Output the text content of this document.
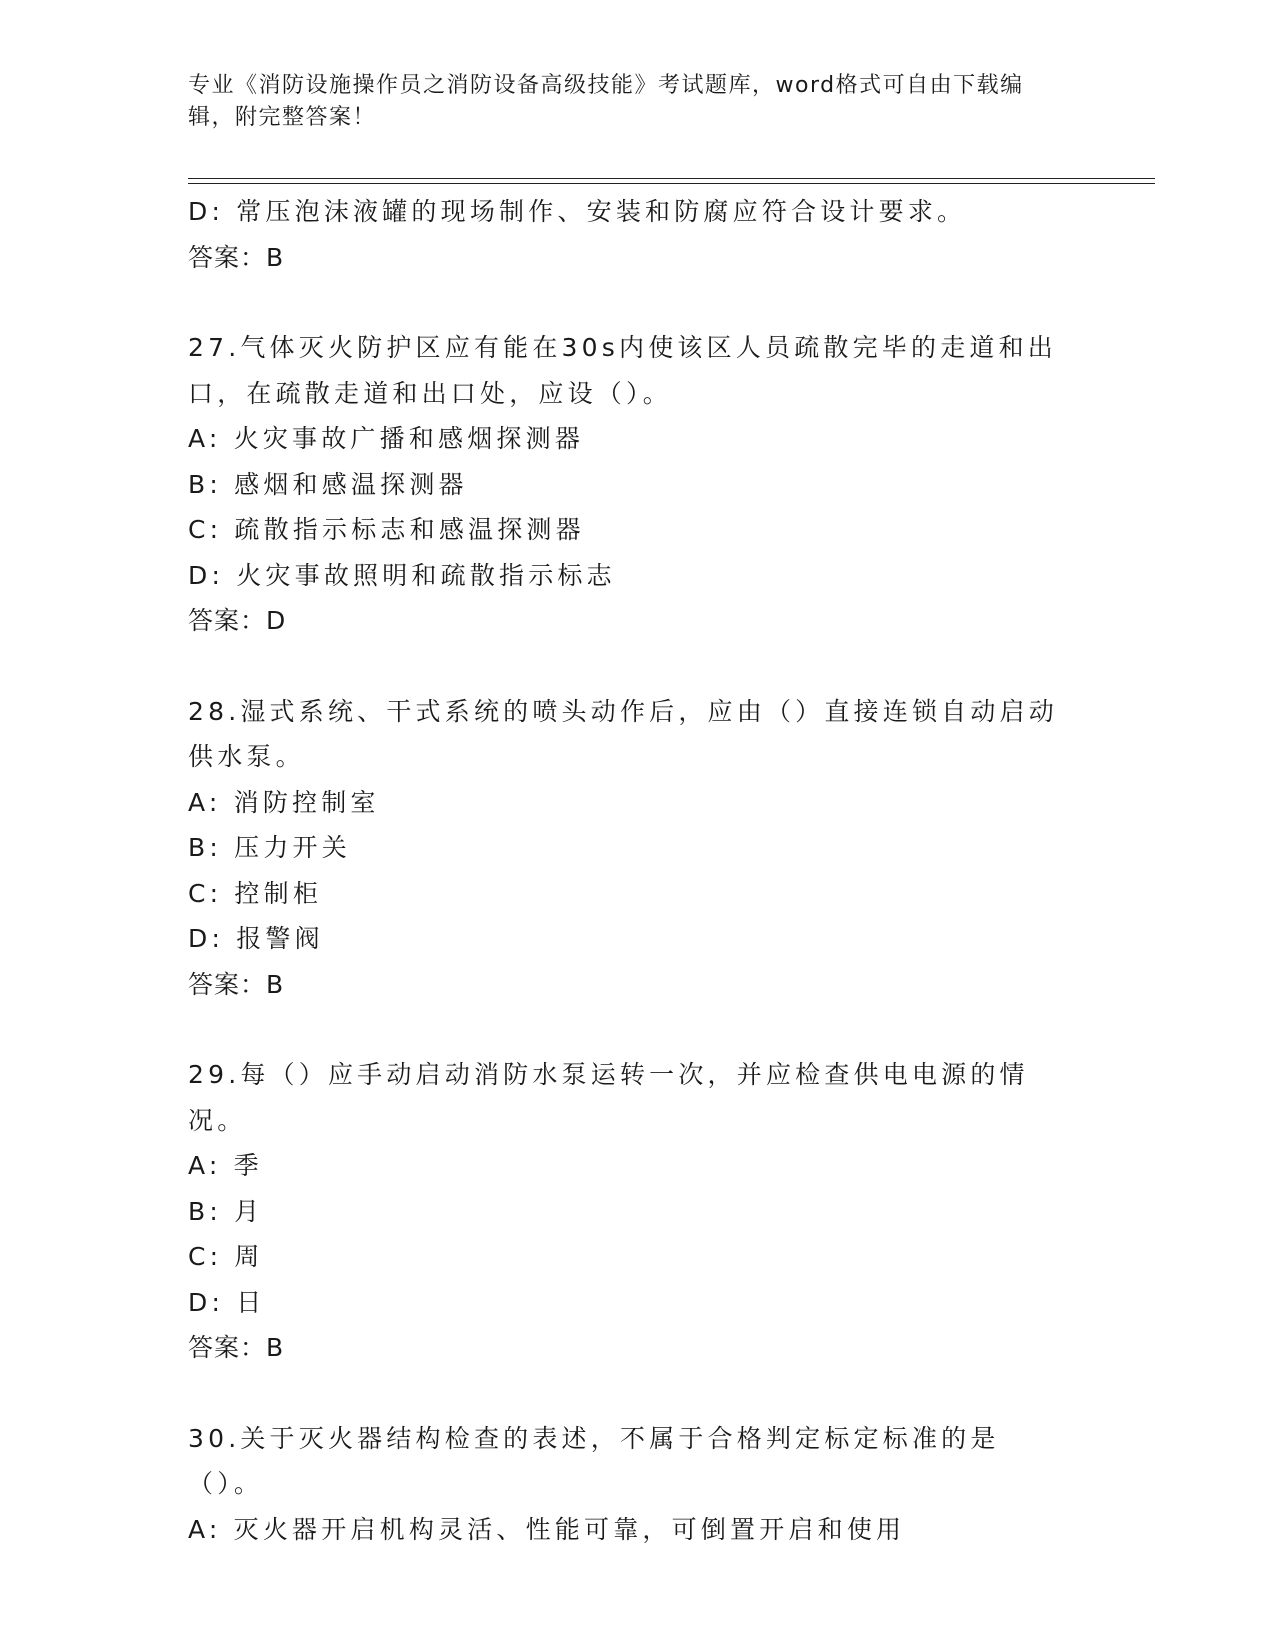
专业《消防设施操作员之消防设备高级技能》考试题库，word格式可自由下载编辑，附完整答案！
D: 常压泡沫液罐的现场制作、安装和防腐应符合设计要求。
答案：B
27.气体灭火防护区应有能在30s内使该区人员疏散完毕的走道和出口，在疏散走道和出口处，应设（）。
A: 火灾事故广播和感烟探测器
B: 感烟和感温探测器
C: 疏散指示标志和感温探测器
D: 火灾事故照明和疏散指示标志
答案：D
28.湿式系统、干式系统的喷头动作后，应由（）直接连锁自动启动供水泵。
A: 消防控制室
B: 压力开关
C: 控制柜
D: 报警阀
答案：B
29.每（）应手动启动消防水泵运转一次，并应检查供电电源的情况。
A: 季
B: 月
C: 周
D: 日
答案：B
30.关于灭火器结构检查的表述，不属于合格判定标定标准的是（）。
A: 灭火器开启机构灵活、性能可靠，可倒置开启和使用
